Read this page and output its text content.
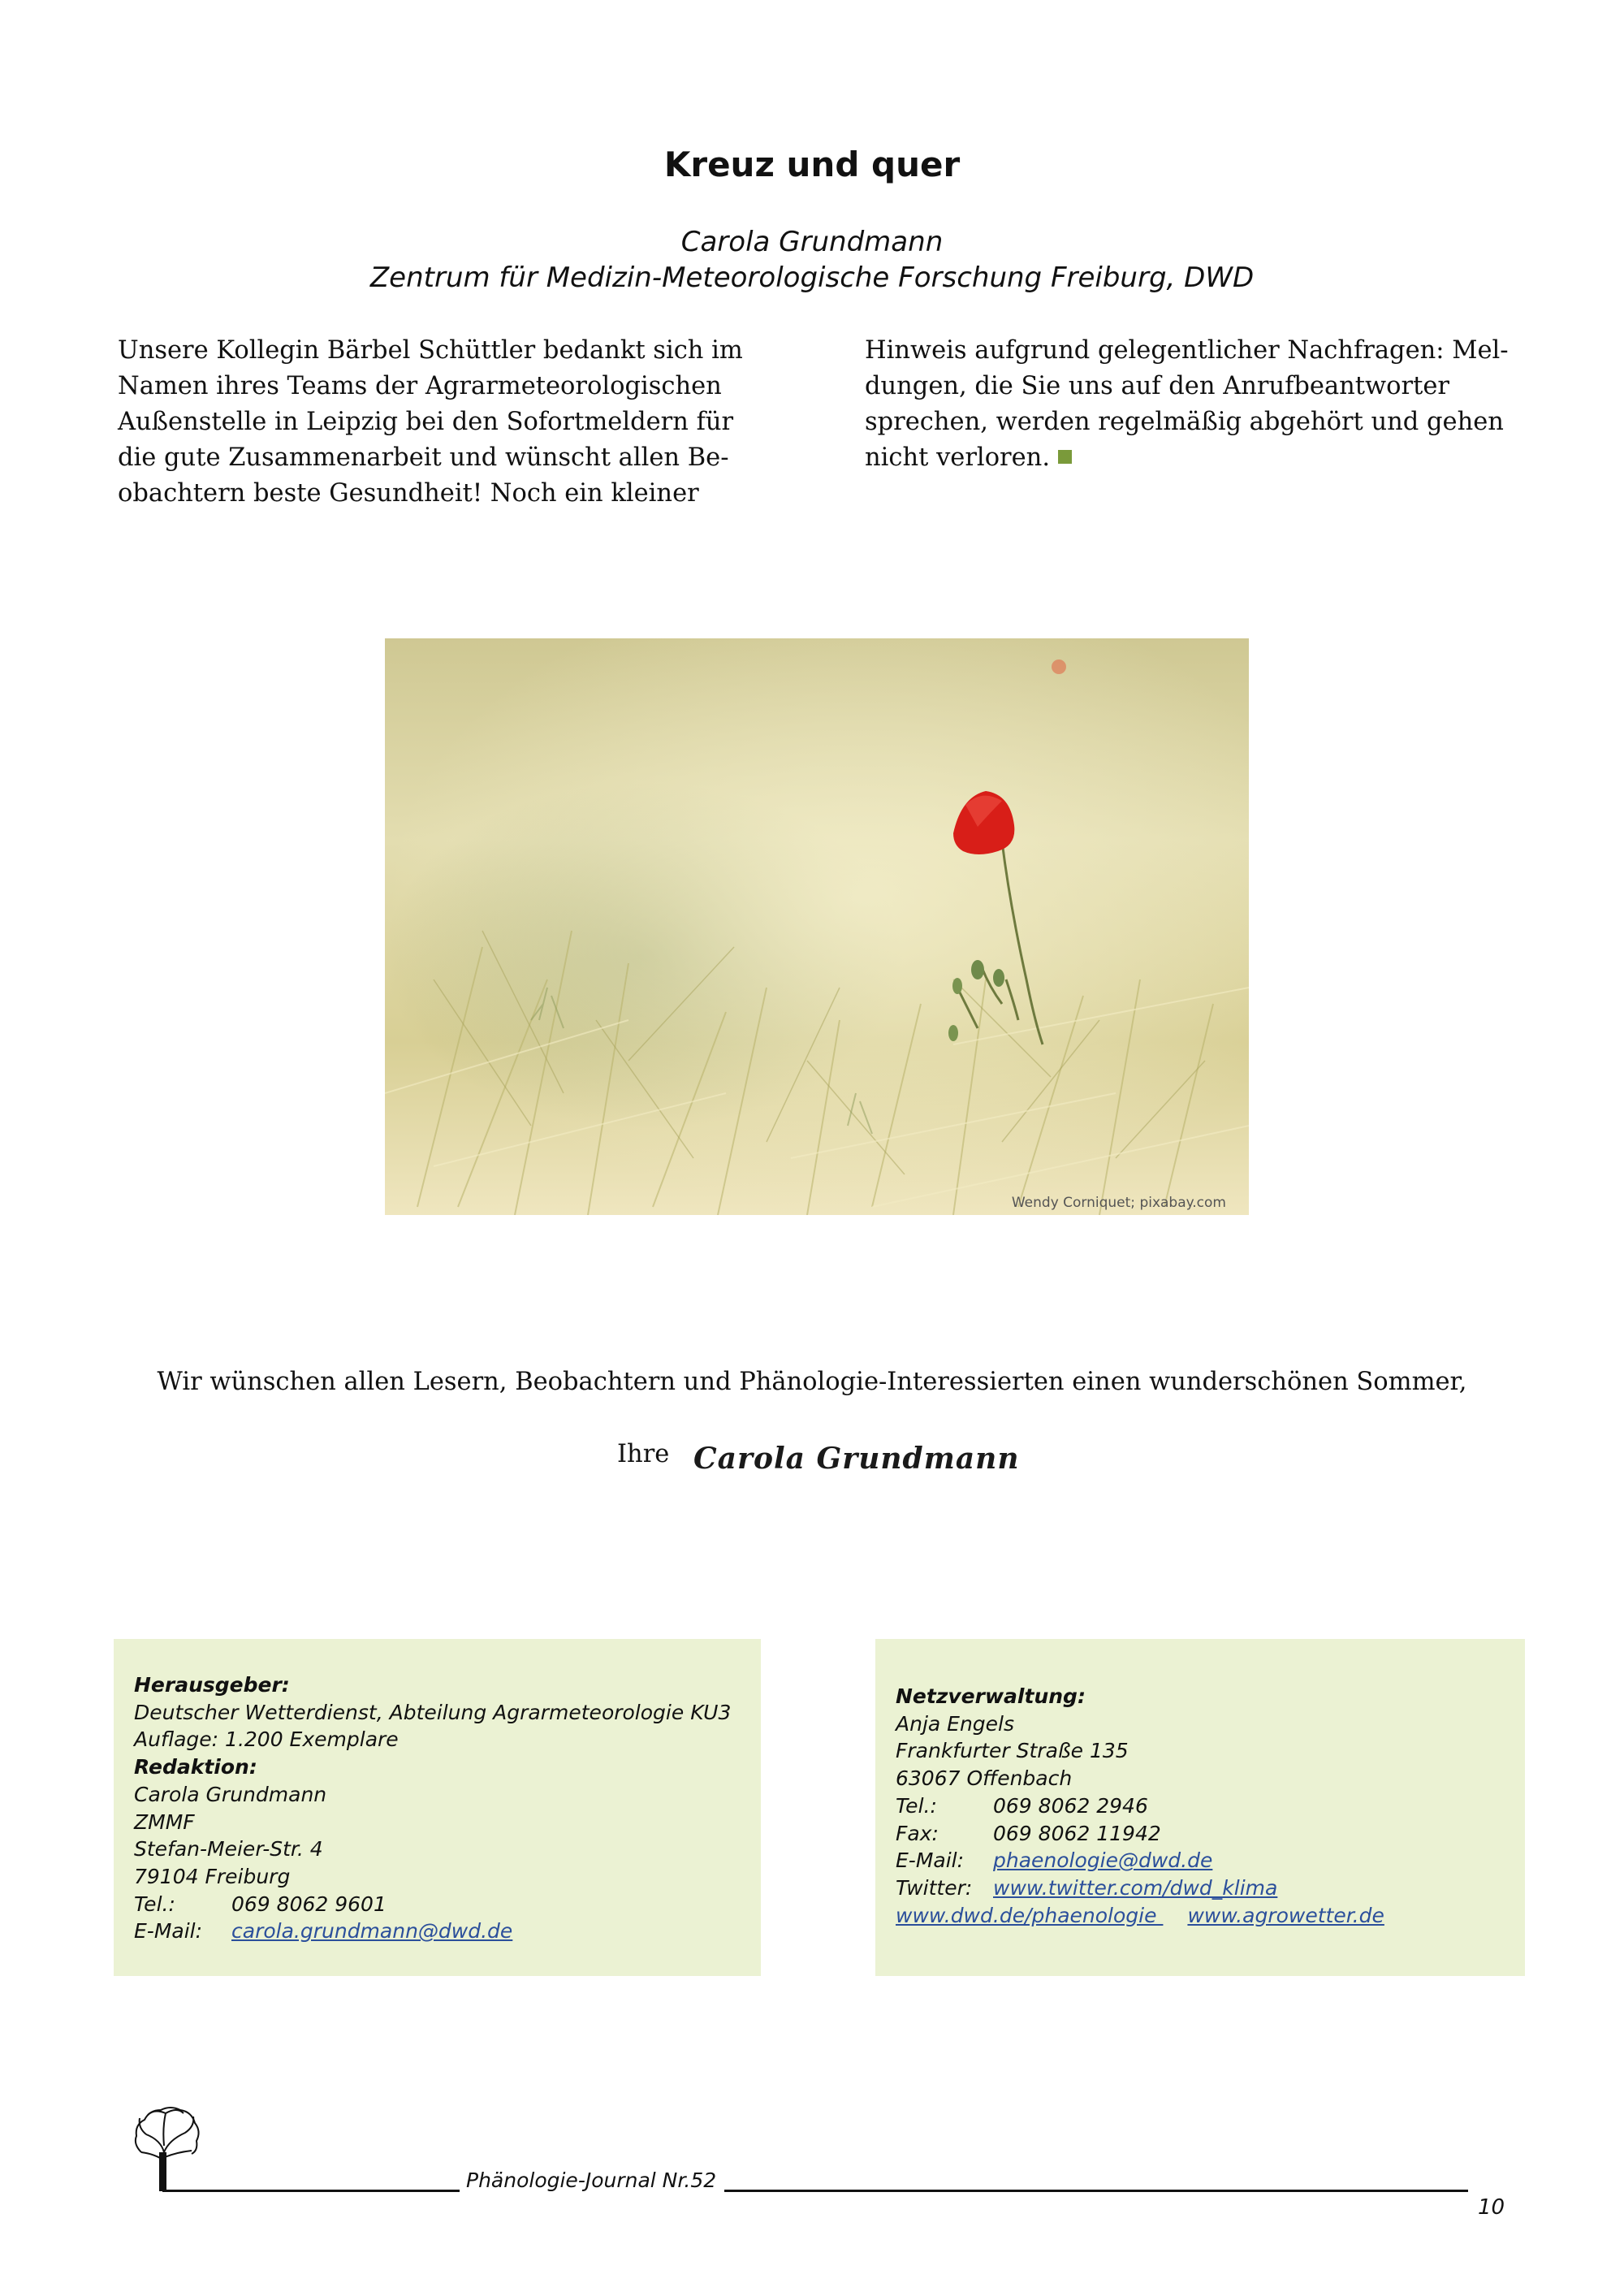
Kreuz und quer
Carola Grundmann
Zentrum für Medizin-Meteorologische Forschung Freiburg, DWD
Unsere Kollegin Bärbel Schüttler bedankt sich im
Namen ihres Teams der Agrarmeteorologischen
Außenstelle in Leipzig bei den Sofortmeldern für
die gute Zusammenarbeit und wünscht allen Be-
obachtern beste Gesundheit! Noch ein kleiner
Hinweis aufgrund gelegentlicher Nachfragen: Mel-
dungen, die Sie uns auf den Anrufbeantworter
sprechen, werden regelmäßig abgehört und gehen
nicht verloren.
Wendy Corniquet; pixabay.com
Wir wünschen allen Lesern, Beobachtern und Phänologie-Interessierten einen wunderschönen Sommer,
Ihre Carola Grundmann
Herausgeber:
Deutscher Wetterdienst, Abteilung Agrarmeteorologie KU3
Auflage: 1.200 Exemplare
Redaktion:
Carola Grundmann
ZMMF
Stefan-Meier-Str. 4
79104 Freiburg
Tel.:	069 8062 9601
E-Mail: carola.grundmann@dwd.de
Netzverwaltung:
Anja Engels
Frankfurter Straße 135
63067 Offenbach
Tel.:	069 8062 2946
Fax:	069 8062 11942
E-Mail: phaenologie@dwd.de
Twitter: www.twitter.com/dwd_klima
www.dwd.de/phaenologie www.agrowetter.de
Phänologie-Journal Nr.52
10
